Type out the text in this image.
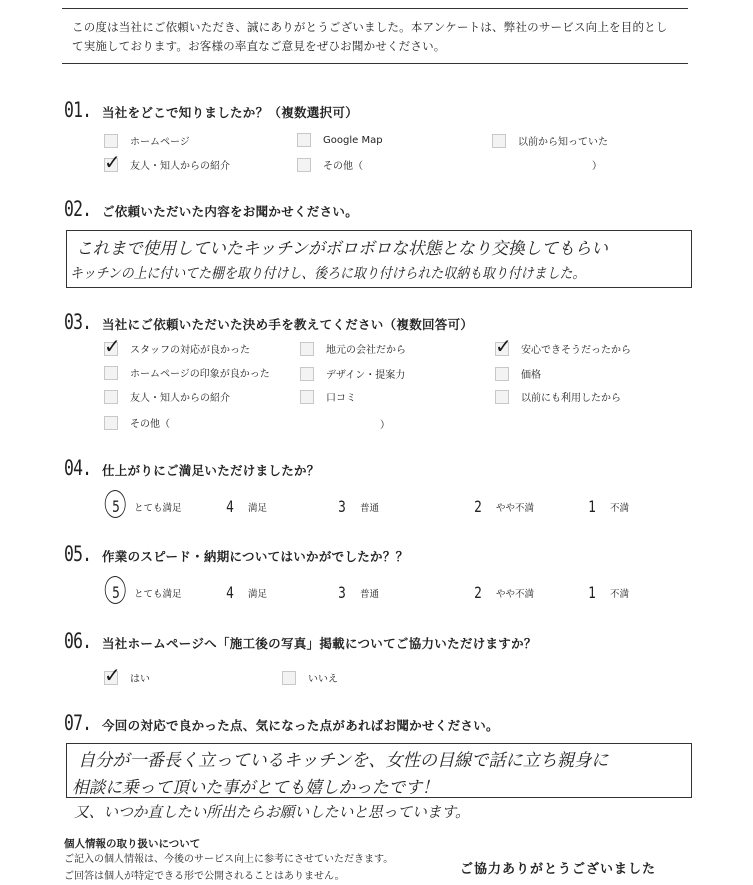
この度は当社にご依頼いただき、誠にありがとうございました。本アンケートは、弊社のサービス向上を目的とし
て実施しております。お客様の率直なご意見をぜひお聞かせください。
01. 当社をどこで知りましたか？（複数選択可）
ホームページ	Google Map	以前から知っていた
✓ 友人・知人からの紹介	その他（	）
02. ご依頼いただいた内容をお聞かせください。
これまで使用していたキッチンがボロボロな状態となり交換してもらい
キッチンの上に付いてた棚を取り付けし、後ろに取り付けられた収納も取り付けました。
03. 当社にご依頼いただいた決め手を教えてください（複数回答可）
✓ スタッフの対応が良かった	地元の会社だから	✓ 安心できそうだったから
ホームページの印象が良かった	デザイン・提案力	価格
友人・知人からの紹介	口コミ	以前にも利用したから
その他（	）
04. 仕上がりにご満足いただけましたか？
5 とても満足	4 満足	3 普通	2 やや不満	1 不満
05. 作業のスピード・納期についてはいかがでしたか？？
5 とても満足	4 満足	3 普通	2 やや不満	1 不満
06. 当社ホームページへ「施工後の写真」掲載についてご協力いただけますか？
✓ はい	いいえ
07. 今回の対応で良かった点、気になった点があればお聞かせください。
自分が一番長く立っているキッチンを、女性の目線で話に立ち親身に
相談に乗って頂いた事がとても嬉しかったです！
又、いつか直したい所出たらお願いしたいと思っています。
個人情報の取り扱いについて
ご記入の個人情報は、今後のサービス向上に参考にさせていただきます。
ご回答は個人が特定できる形で公開されることはありません。	ご協力ありがとうございました
